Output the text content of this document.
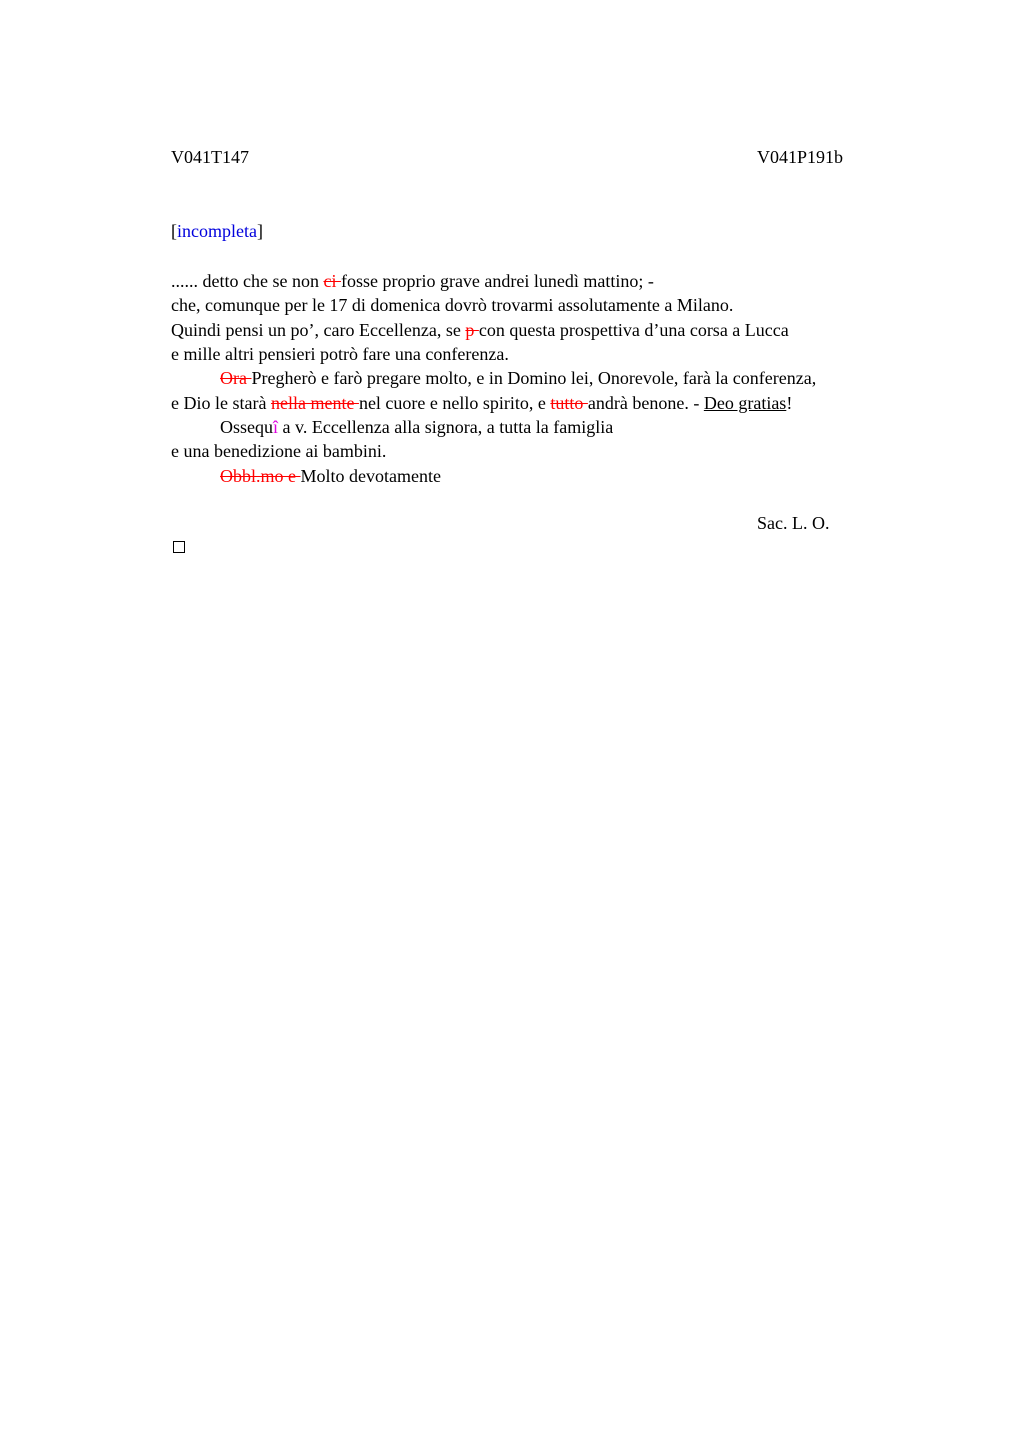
V041T147	V041P191b
[incompleta]
...... detto che se non ci fosse proprio grave andrei lunedì mattino; -
che, comunque per le 17 di domenica dovrò trovarmi assolutamente a Milano.
Quindi pensi un po’, caro Eccellenza, se p con questa prospettiva d’una corsa a Lucca
e mille altri pensieri potrò fare una conferenza.
Ora Pregherò e farò pregare molto, e in Domino lei, Onorevole, farà la conferenza,
e Dio le starà nella mente nel cuore e nello spirito, e tutto andrà benone. - Deo gratias!
Ossequî a v. Eccellenza alla signora, a tutta la famiglia
e una benedizione ai bambini.
Obbl.mo e Molto devotamente
Sac. L. O.
